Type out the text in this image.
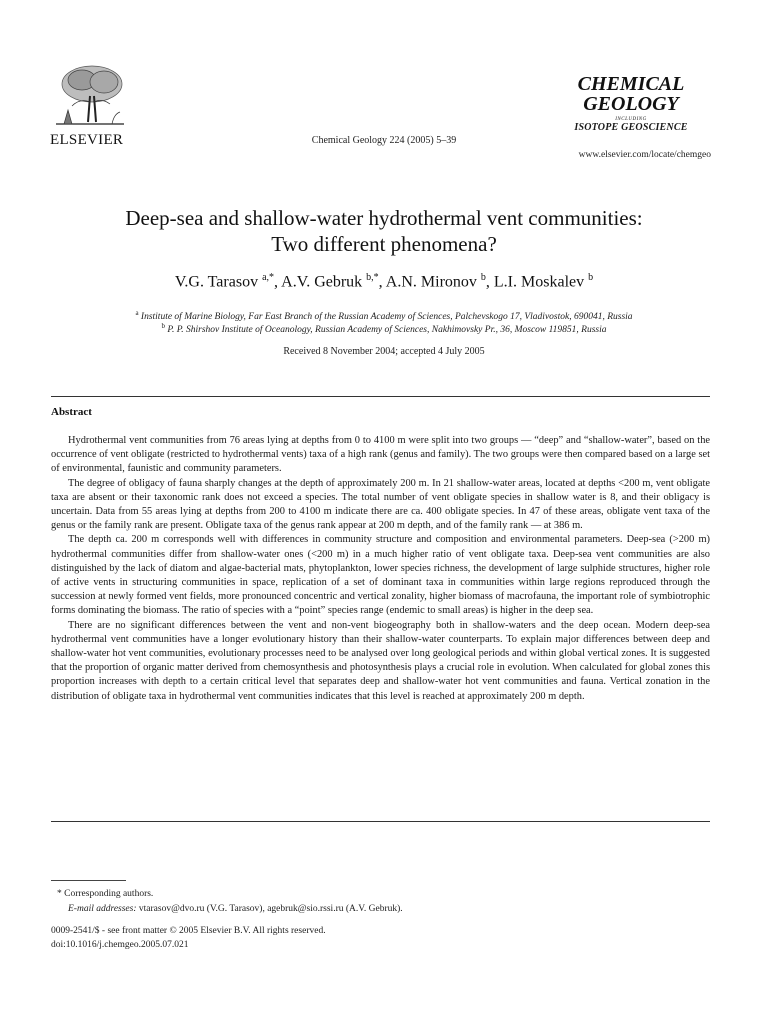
ELSEVIER	Chemical Geology 224 (2005) 5–39
CHEMICAL
GEOLOGY
INCLUDING
ISOTOPE GEOSCIENCE
www.elsevier.com/locate/chemgeo
Deep-sea and shallow-water hydrothermal vent communities:
Two different phenomena?
V.G. Tarasov $^{a,*}$, A.V. Gebruk $^{b,*}$, A.N. Mironov $^b$, L.I. Moskalev $^b$
$^a$ Institute of Marine Biology, Far East Branch of the Russian Academy of Sciences, Palchevskogo 17, Vladivostok, 690041, Russia
$^b$ P. P. Shirshov Institute of Oceanology, Russian Academy of Sciences, Nakhimovsky Pr., 36, Moscow 119851, Russia
Received 8 November 2004; accepted 4 July 2005
Abstract

Hydrothermal vent communities from 76 areas lying at depths from 0 to 4100 m were split into two groups — “deep” and “shallow-water”, based on the occurrence of vent obligate (restricted to hydrothermal vents) taxa of a high rank (genus and family). The two groups were then compared based on a large set of environmental, faunistic and community parameters.

The degree of obligacy of fauna sharply changes at the depth of approximately 200 m. In 21 shallow-water areas, located at depths <200 m, vent obligate taxa are absent or their taxonomic rank does not exceed a species. The total number of vent obligate species in shallow water is 8, and their obligacy is uncertain. Data from 55 areas lying at depths from 200 to 4100 m indicate there are ca. 400 obligate species. In 47 of these areas, obligate vent taxa of the genus or the family rank are present. Obligate taxa of the genus rank appear at 200 m depth, and of the family rank — at 386 m.

The depth ca. 200 m corresponds well with differences in community structure and composition and environmental parameters. Deep-sea (>200 m) hydrothermal communities differ from shallow-water ones (<200 m) in a much higher ratio of vent obligate taxa. Deep-sea vent communities are also distinguished by the lack of diatom and algae-bacterial mats, phytoplankton, lower species richness, the development of large sulphide structures, higher role of active vents in structuring communities in space, replication of a set of dominant taxa in communities within large regions reproduced through the succession at newly formed vent fields, more pronounced concentric and vertical zonality, higher biomass of macrofauna, the important role of symbiotrophic forms dominating the biomass. The ratio of species with a “point” species range (endemic to small areas) is higher in the deep sea.

There are no significant differences between the vent and non-vent biogeography both in shallow-waters and the deep ocean. Modern deep-sea hydrothermal vent communities have a longer evolutionary history than their shallow-water counterparts. To explain major differences between deep and shallow-water hot vent communities, evolutionary processes need to be analysed over long geological periods and within global vertical zones. It is suggested that the proportion of organic matter derived from chemosynthesis and photosynthesis plays a crucial role in evolution. When calculated for global zones this proportion increases with depth to a certain critical level that separates deep and shallow-water hot vent communities and fauna. Vertical zonation in the distribution of obligate taxa in hydrothermal vent communities indicates that this level is reached at approximately 200 m depth.

* Corresponding authors.
E-mail addresses: vtarasov@dvo.ru (V.G. Tarasov), agebruk@sio.rssi.ru (A.V. Gebruk).
0009-2541/$ - see front matter © 2005 Elsevier B.V. All rights reserved.
doi:10.1016/j.chemgeo.2005.07.021
